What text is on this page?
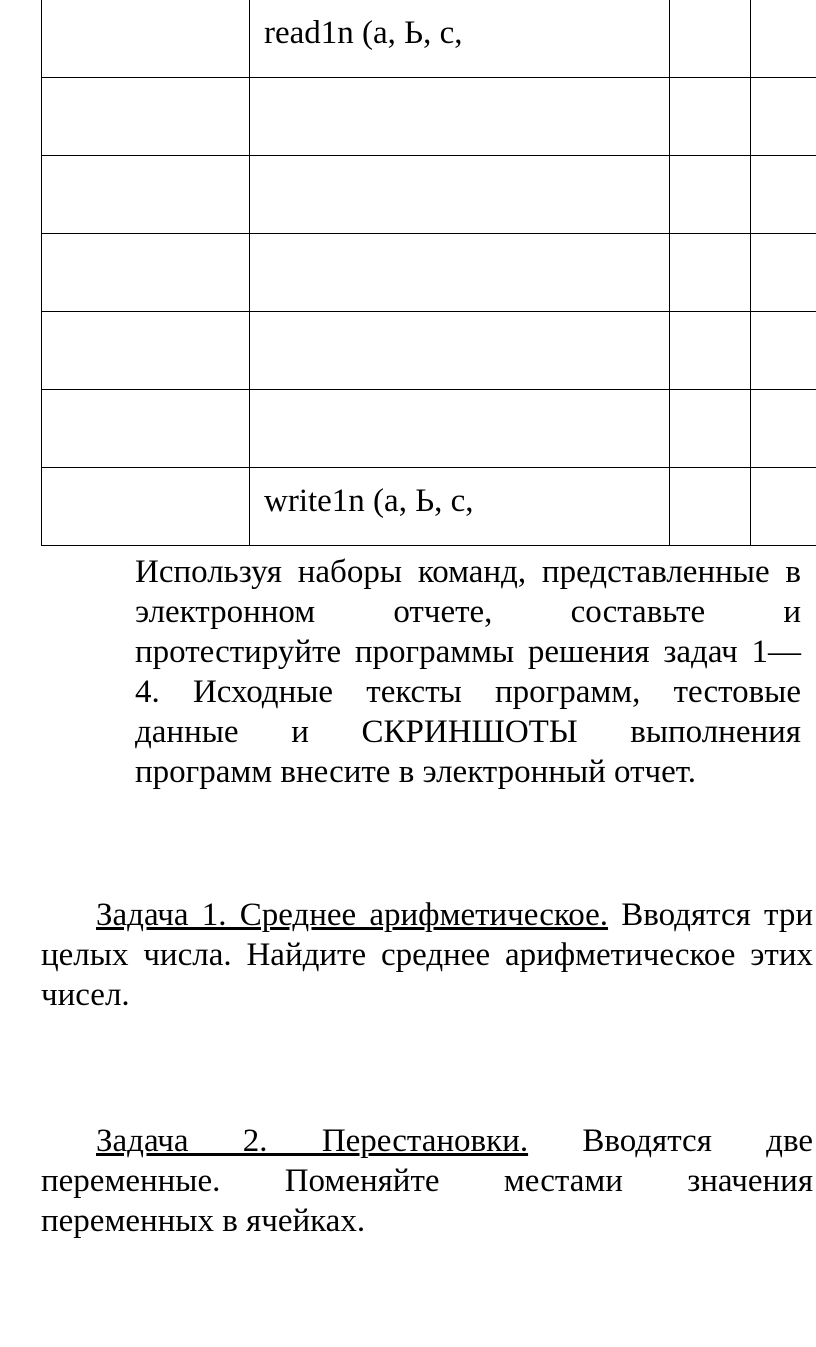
	read1n (а, Ь, с,		

	write1n (а, Ь, с,		

Используя наборы команд, представленные в электронном отчете, составьте и протестируйте программы решения задач 1—4. Исходные тексты программ, тестовые данные и СКРИНШОТЫ выполнения программ внесите в электронный отчет.

Задача 1. Среднее арифметическое. Вводятся три целых числа. Найдите среднее арифметическое этих чисел.

Задача 2. Перестановки. Вводятся две переменные. Поменяйте местами значения переменных в ячейках.
